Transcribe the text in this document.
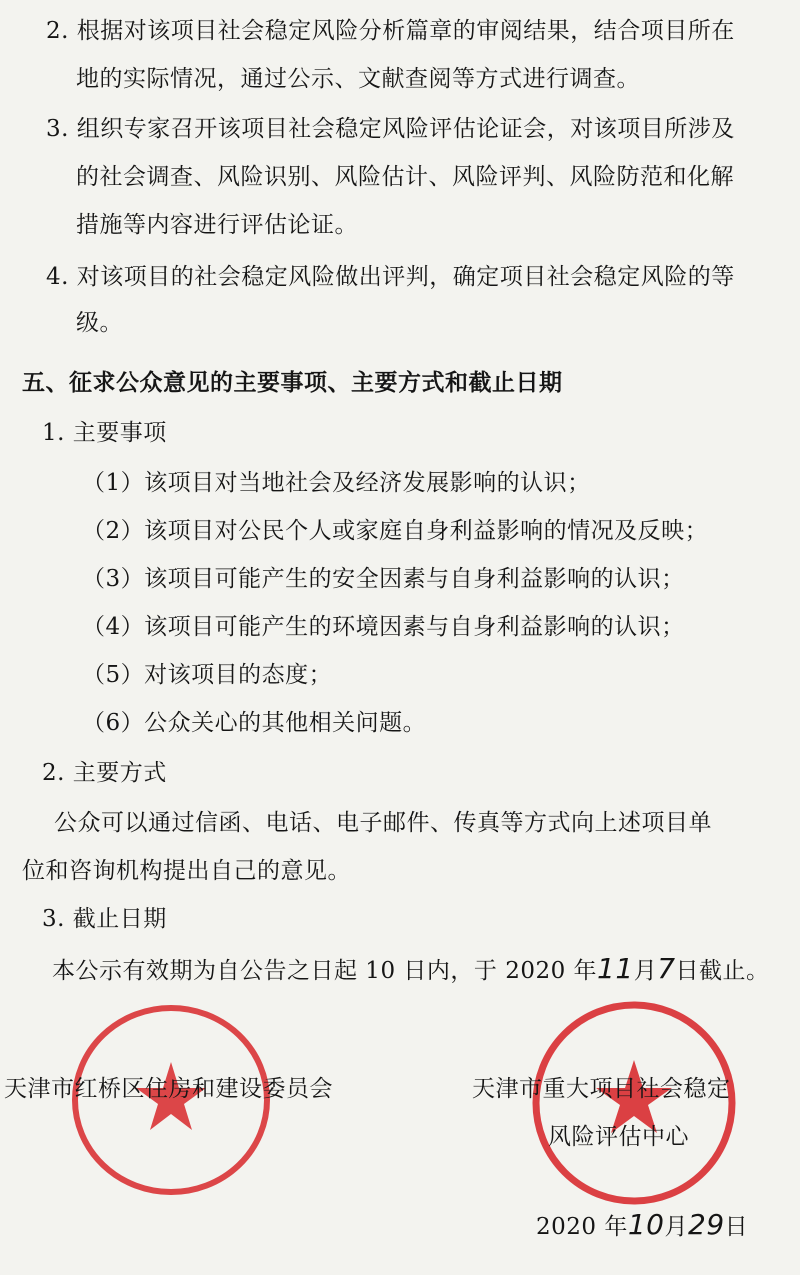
2. 根据对该项目社会稳定风险分析篇章的审阅结果，结合项目所在
地的实际情况，通过公示、文献查阅等方式进行调查。
3. 组织专家召开该项目社会稳定风险评估论证会，对该项目所涉及
的社会调查、风险识别、风险估计、风险评判、风险防范和化解
措施等内容进行评估论证。
4. 对该项目的社会稳定风险做出评判，确定项目社会稳定风险的等
级。
五、征求公众意见的主要事项、主要方式和截止日期
1. 主要事项
（1）该项目对当地社会及经济发展影响的认识；
（2）该项目对公民个人或家庭自身利益影响的情况及反映；
（3）该项目可能产生的安全因素与自身利益影响的认识；
（4）该项目可能产生的环境因素与自身利益影响的认识；
（5）对该项目的态度；
（6）公众关心的其他相关问题。
2. 主要方式
公众可以通过信函、电话、电子邮件、传真等方式向上述项目单
位和咨询机构提出自己的意见。
3. 截止日期
本公示有效期为自公告之日起 10 日内，于 2020 年11月7日截止。
天津市红桥区住房和建设委员会	天津市重大项目社会稳定
风险评估中心
2020 年10月29日
